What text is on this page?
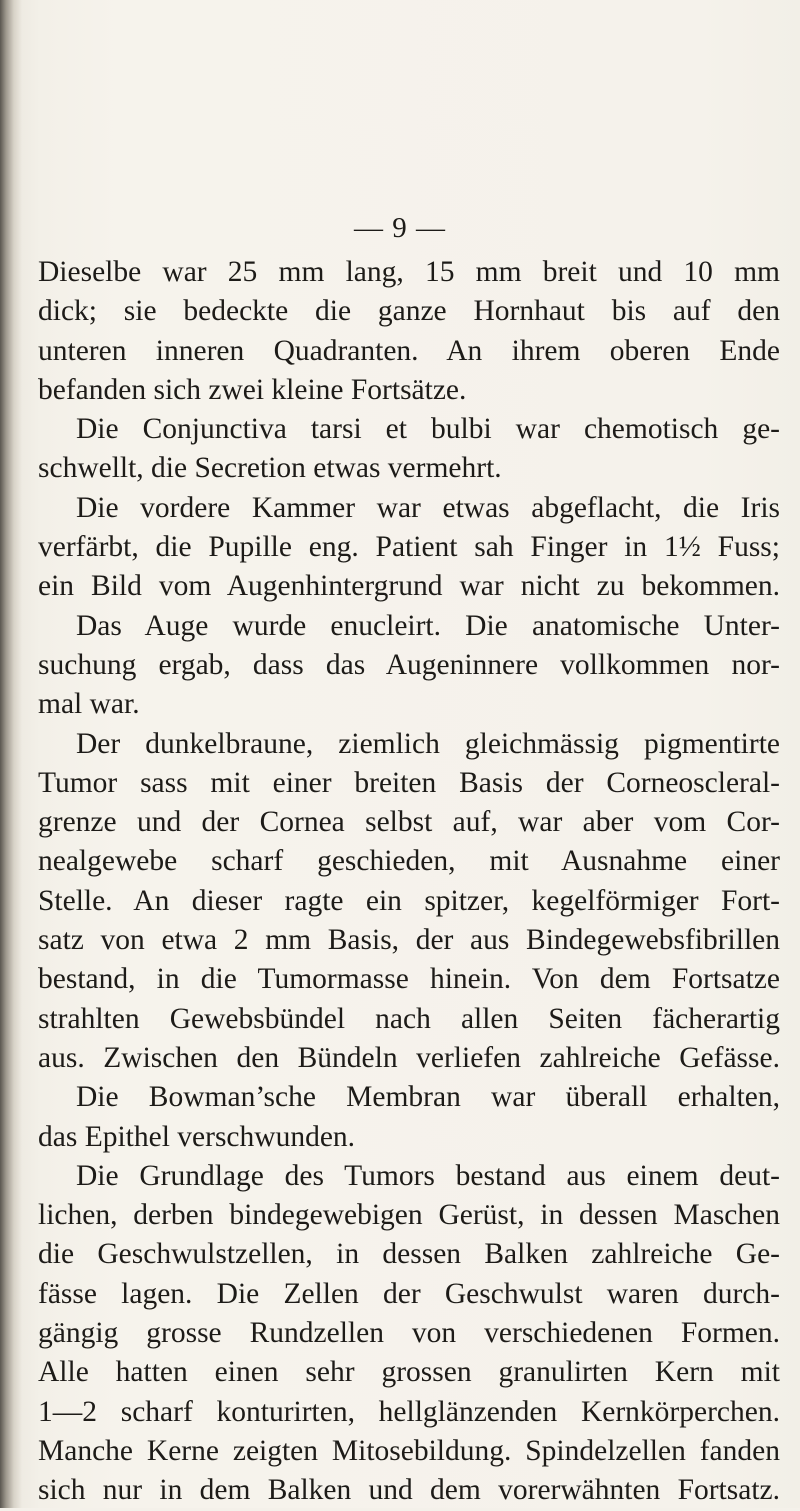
— 9 —
Dieselbe war 25 mm lang, 15 mm breit und 10 mm
dick; sie bedeckte die ganze Hornhaut bis auf den
unteren inneren Quadranten. An ihrem oberen Ende
befanden sich zwei kleine Fortsätze.
Die Conjunctiva tarsi et bulbi war chemotisch ge-
schwellt, die Secretion etwas vermehrt.
Die vordere Kammer war etwas abgeflacht, die Iris
verfärbt, die Pupille eng. Patient sah Finger in 1½ Fuss;
ein Bild vom Augenhintergrund war nicht zu bekommen.
Das Auge wurde enucleirt. Die anatomische Unter-
suchung ergab, dass das Augeninnere vollkommen nor-
mal war.
Der dunkelbraune, ziemlich gleichmässig pigmentirte
Tumor sass mit einer breiten Basis der Corneoscleral-
grenze und der Cornea selbst auf, war aber vom Cor-
nealgewebe scharf geschieden, mit Ausnahme einer
Stelle. An dieser ragte ein spitzer, kegelförmiger Fort-
satz von etwa 2 mm Basis, der aus Bindegewebsfibrillen
bestand, in die Tumormasse hinein. Von dem Fortsatze
strahlten Gewebsbündel nach allen Seiten fächerartig
aus. Zwischen den Bündeln verliefen zahlreiche Gefässe.
Die Bowman’sche Membran war überall erhalten,
das Epithel verschwunden.
Die Grundlage des Tumors bestand aus einem deut-
lichen, derben bindegewebigen Gerüst, in dessen Maschen
die Geschwulstzellen, in dessen Balken zahlreiche Ge-
fässe lagen. Die Zellen der Geschwulst waren durch-
gängig grosse Rundzellen von verschiedenen Formen.
Alle hatten einen sehr grossen granulirten Kern mit
1—2 scharf konturirten, hellglänzenden Kernkörperchen.
Manche Kerne zeigten Mitosebildung. Spindelzellen fanden
sich nur in dem Balken und dem vorerwähnten Fortsatz.
